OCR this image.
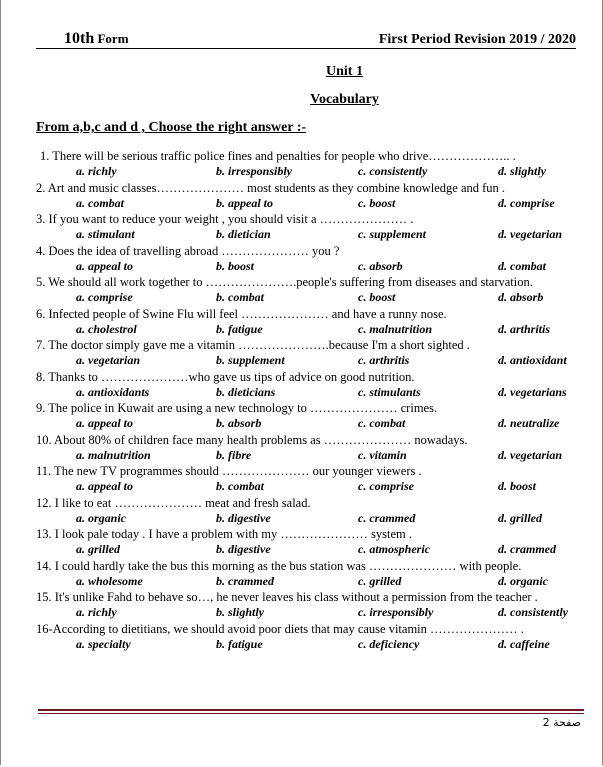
10th Form	First Period Revision 2019 / 2020
Unit 1
Vocabulary
From a,b,c and d , Choose the right answer :-
1. There will be serious traffic police fines and penalties for people who drive……………….. .
a. richly	b. irresponsibly	c. consistently	d. slightly
2. Art and music classes………………… most students as they combine knowledge and fun .
a. combat	b. appeal to	c. boost	d. comprise
3. If you want to reduce your weight , you should visit a ………………… .
a. stimulant	b. dietician	c. supplement	d. vegetarian
4. Does the idea of travelling abroad ………………… you ?
a. appeal to	b. boost	c. absorb	d. combat
5. We should all work together to ………………….people's suffering from diseases and starvation.
a. comprise	b. combat	c. boost	d. absorb
6. Infected people of Swine Flu will feel ………………… and have a runny nose.
a. cholestrol	b. fatigue	c. malnutrition	d. arthritis
7. The doctor simply gave me a vitamin ………………….because I'm a short sighted .
a. vegetarian	b. supplement	c. arthritis	d. antioxidant
8. Thanks to …………………who gave us tips of advice on good nutrition.
a. antioxidants	b. dieticians	c. stimulants	d. vegetarians
9. The police in Kuwait are using a new technology to ………………… crimes.
a. appeal to	b. absorb	c. combat	d. neutralize
10. About 80% of children face many health problems as ………………… nowadays.
a. malnutrition	b. fibre	c. vitamin	d. vegetarian
11. The new TV programmes should ………………… our younger viewers .
a. appeal to	b. combat	c. comprise	d. boost
12. I like to eat ………………… meat and fresh salad.
a. organic	b. digestive	c. crammed	d. grilled
13. I look pale today . I have a problem with my ………………… system .
a. grilled	b. digestive	c. atmospheric	d. crammed
14. I could hardly take the bus this morning as the bus station was ………………… with people.
a. wholesome	b. crammed	c. grilled	d. organic
15. It's unlike Fahd to behave so…, he never leaves his class without a permission from the teacher .
a. richly	b. slightly	c. irresponsibly	d. consistently
16-According to dietitians, we should avoid poor diets that may cause vitamin ………………… .
a. specialty	b. fatigue	c. deficiency	d. caffeine
2 صفحة
